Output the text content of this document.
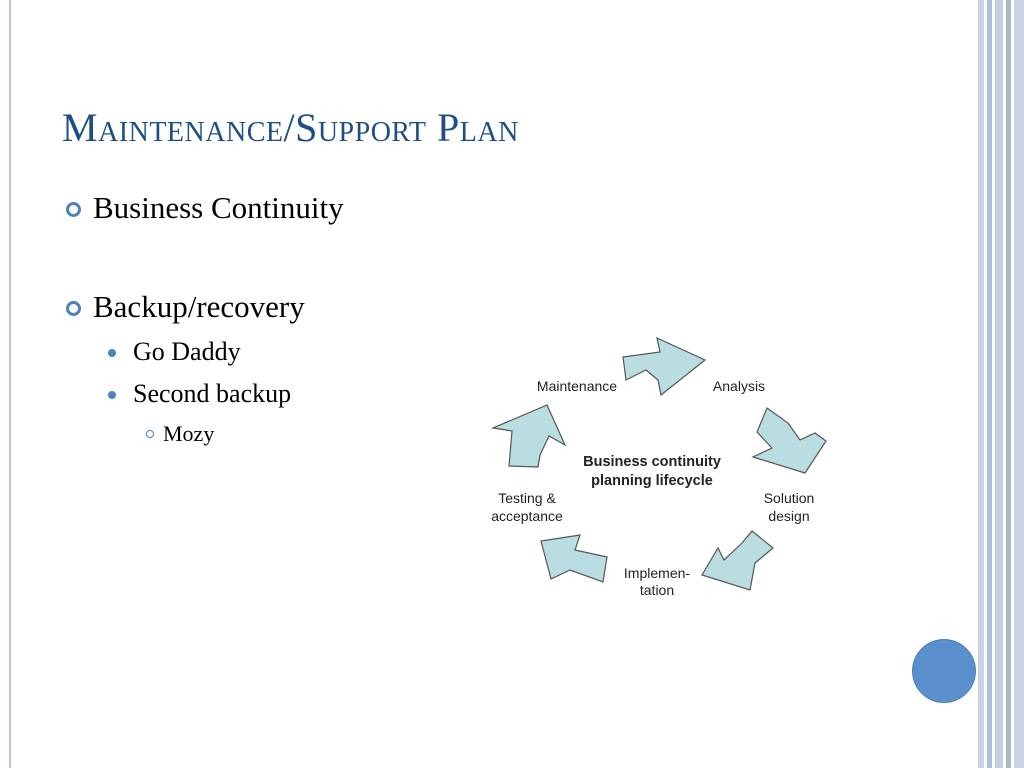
Maintenance/Support Plan
Business Continuity
Backup/recovery
Go Daddy
Second backup
Mozy
Business continuity
planning lifecycle
Maintenance	Analysis
Solution
design
Implemen-
tation
Testing &
acceptance
